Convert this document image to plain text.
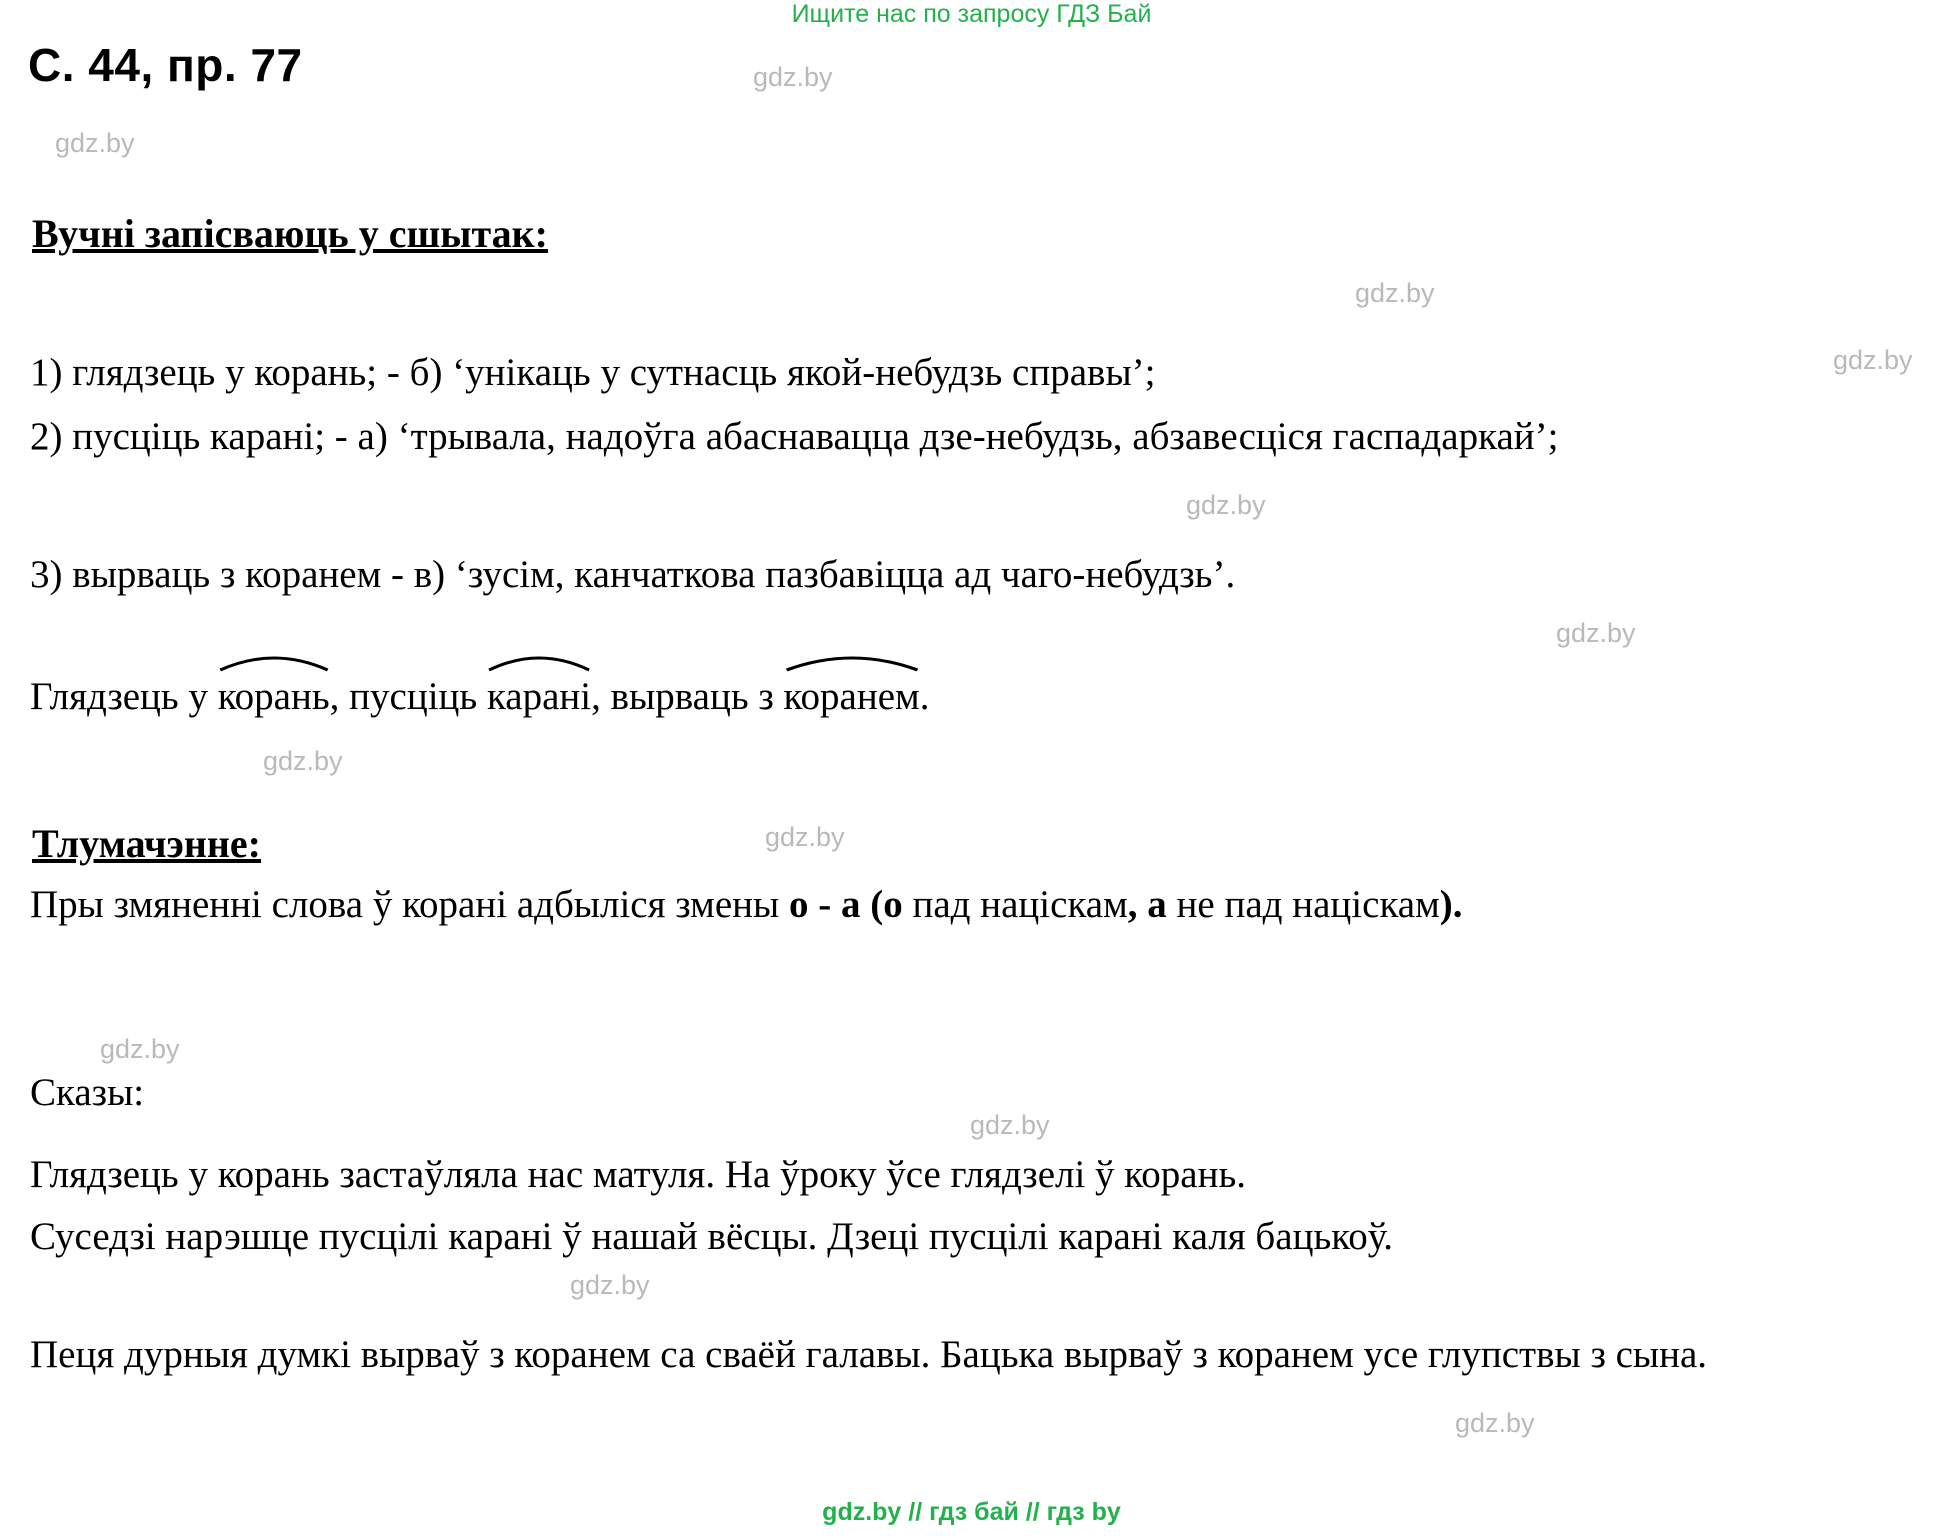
Ищите нас по запросу ГДЗ Бай
С. 44, пр. 77
Вучні запісваюць у сшытак:
1) глядзець у корань; - б) ‘унікаць у сутнасць якой-небудзь справы’;
2) пусціць карані; - а) ‘трывала, надоўга абаснавацца дзе-небудзь, абзавесціся гаспадаркай’;
3) вырваць з коранем - в) ‘зусім, канчаткова пазбавіцца ад чаго-небудзь’.
Глядзець у
корань, пусціць
карані, вырваць з
коранем.
Тлумачэнне:
Пры змяненні слова ў корані адбыліся змены о - а (о пад націскам, а не пад націскам).
Сказы:
Глядзець у корань застаўляла нас матуля. На ўроку ўсе глядзелі ў корань.
Суседзі нарэшце пусцілі карані ў нашай вёсцы. Дзеці пусцілі карані каля бацькоў.
Пеця дурныя думкі вырваў з коранем са сваёй галавы. Бацька вырваў з коранем усе глупствы з сына.
gdz.by // гдз бай // гдз by
gdz.by
gdz.by
gdz.by
gdz.by
gdz.by
gdz.by
gdz.by
gdz.by
gdz.by
gdz.by
gdz.by
gdz.by
